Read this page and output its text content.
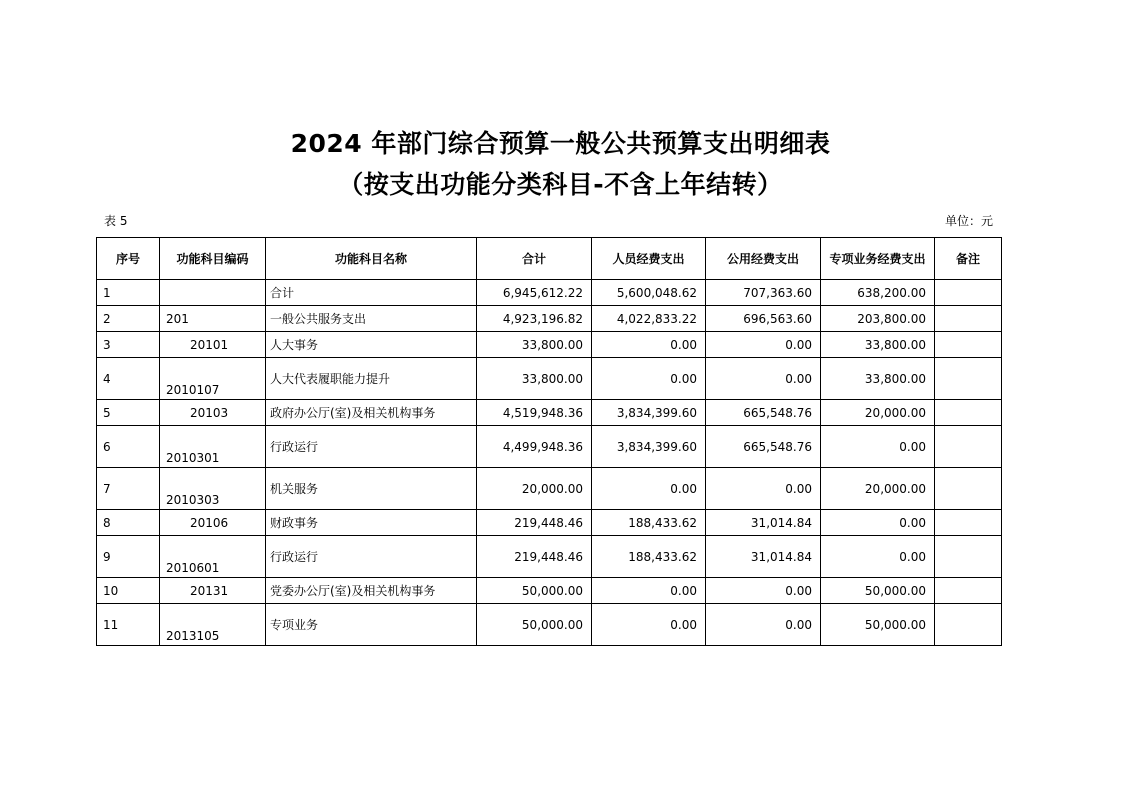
2024 年部门综合预算一般公共预算支出明细表
（按支出功能分类科目-不含上年结转）
表 5	单位：元
序号	功能科目编码	功能科目名称	合计	人员经费支出	公用经费支出	专项业务经费支出	备注
1		合计	6,945,612.22	5,600,048.62	707,363.60	638,200.00	
2	201	一般公共服务支出	4,923,196.82	4,022,833.22	696,563.60	203,800.00	
3	20101	人大事务	33,800.00	0.00	0.00	33,800.00	
4	2010107	人大代表履职能力提升	33,800.00	0.00	0.00	33,800.00	
5	20103	政府办公厅(室)及相关机构事务	4,519,948.36	3,834,399.60	665,548.76	20,000.00	
6	2010301	行政运行	4,499,948.36	3,834,399.60	665,548.76	0.00	
7	2010303	机关服务	20,000.00	0.00	0.00	20,000.00	
8	20106	财政事务	219,448.46	188,433.62	31,014.84	0.00	
9	2010601	行政运行	219,448.46	188,433.62	31,014.84	0.00	
10	20131	党委办公厅(室)及相关机构事务	50,000.00	0.00	0.00	50,000.00	
11	2013105	专项业务	50,000.00	0.00	0.00	50,000.00	
